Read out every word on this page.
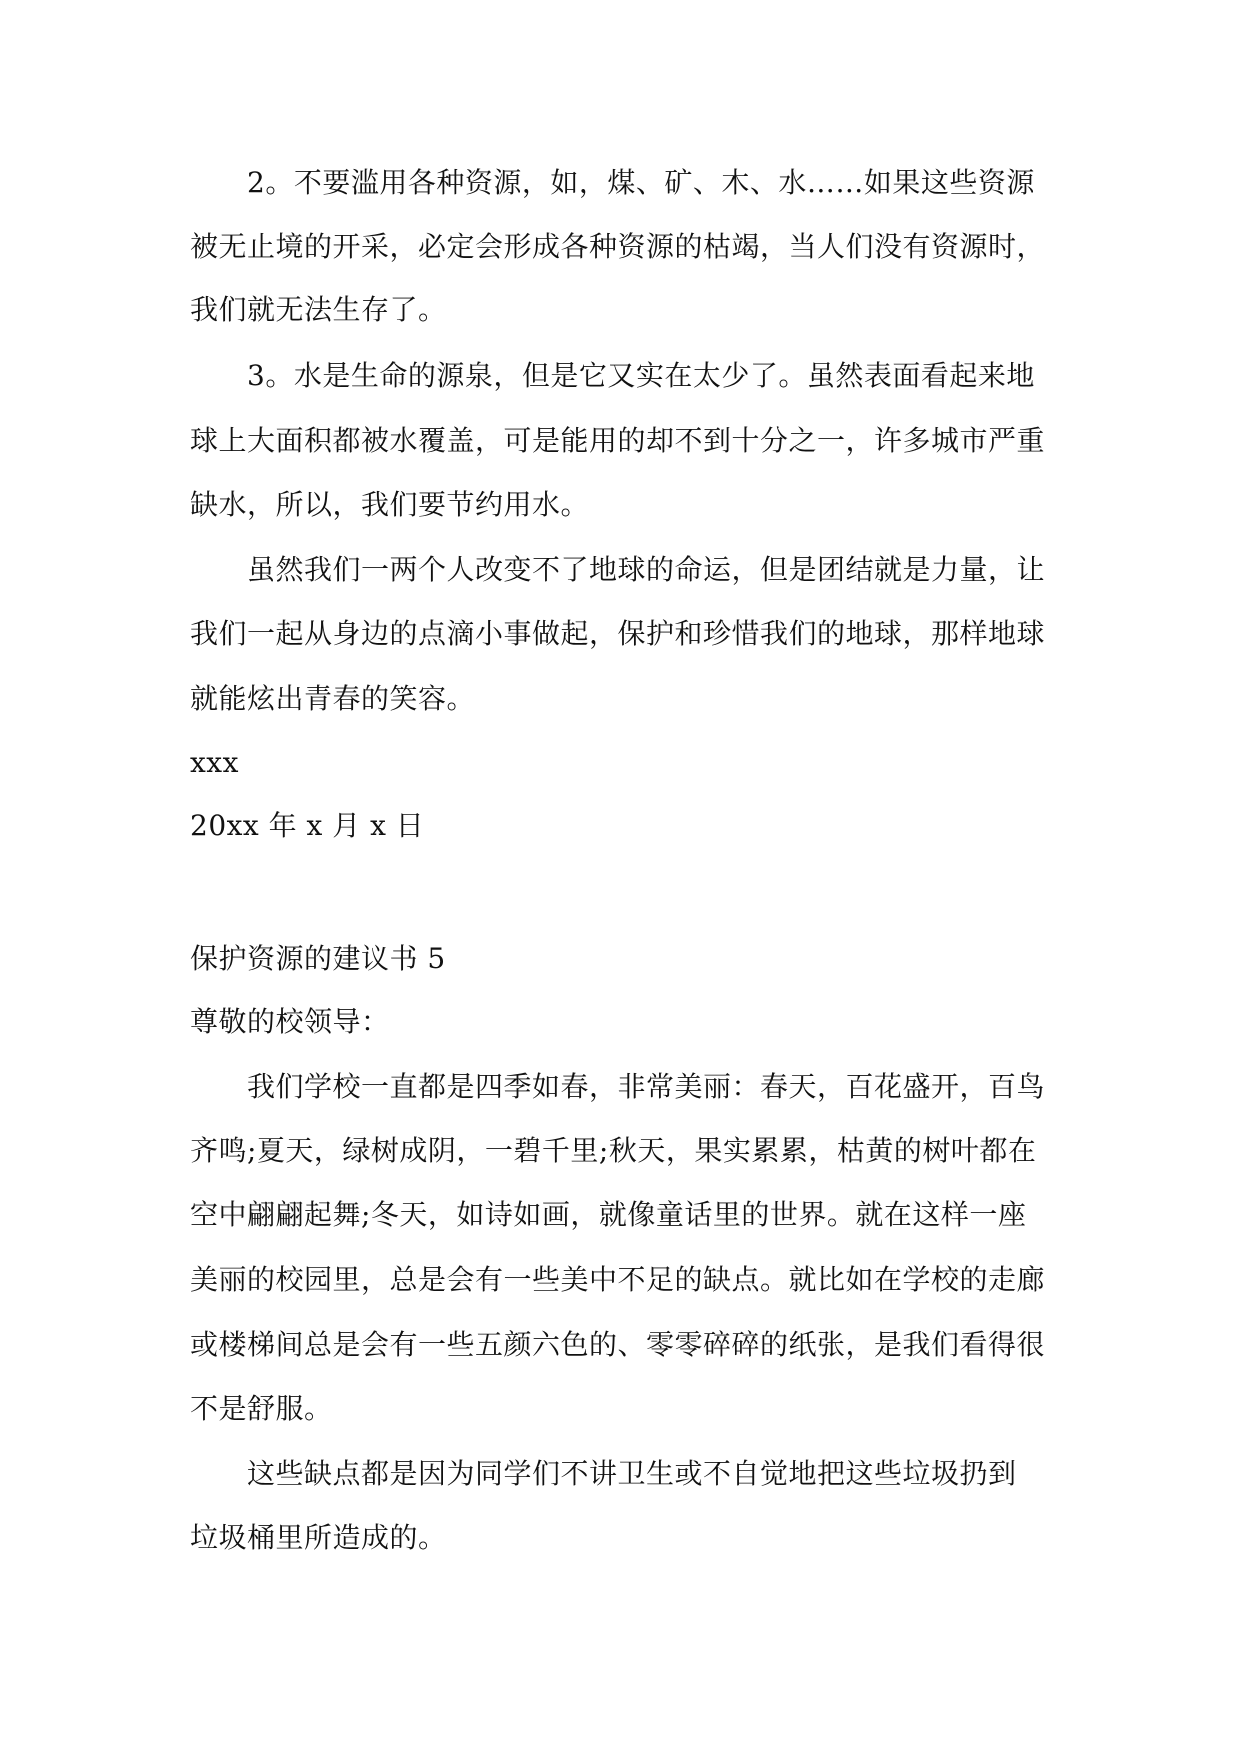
2。不要滥用各种资源，如，煤、矿、木、水……如果这些资源
被无止境的开采，必定会形成各种资源的枯竭，当人们没有资源时，
我们就无法生存了。
3。水是生命的源泉，但是它又实在太少了。虽然表面看起来地
球上大面积都被水覆盖，可是能用的却不到十分之一，许多城市严重
缺水，所以，我们要节约用水。
虽然我们一两个人改变不了地球的命运，但是团结就是力量，让
我们一起从身边的点滴小事做起，保护和珍惜我们的地球，那样地球
就能炫出青春的笑容。
xxx
20xx 年 x 月 x 日
保护资源的建议书 5
尊敬的校领导：
我们学校一直都是四季如春，非常美丽：春天，百花盛开，百鸟
齐鸣;夏天，绿树成阴，一碧千里;秋天，果实累累，枯黄的树叶都在
空中翩翩起舞;冬天，如诗如画，就像童话里的世界。就在这样一座
美丽的校园里，总是会有一些美中不足的缺点。就比如在学校的走廊
或楼梯间总是会有一些五颜六色的、零零碎碎的纸张，是我们看得很
不是舒服。
这些缺点都是因为同学们不讲卫生或不自觉地把这些垃圾扔到
垃圾桶里所造成的。
